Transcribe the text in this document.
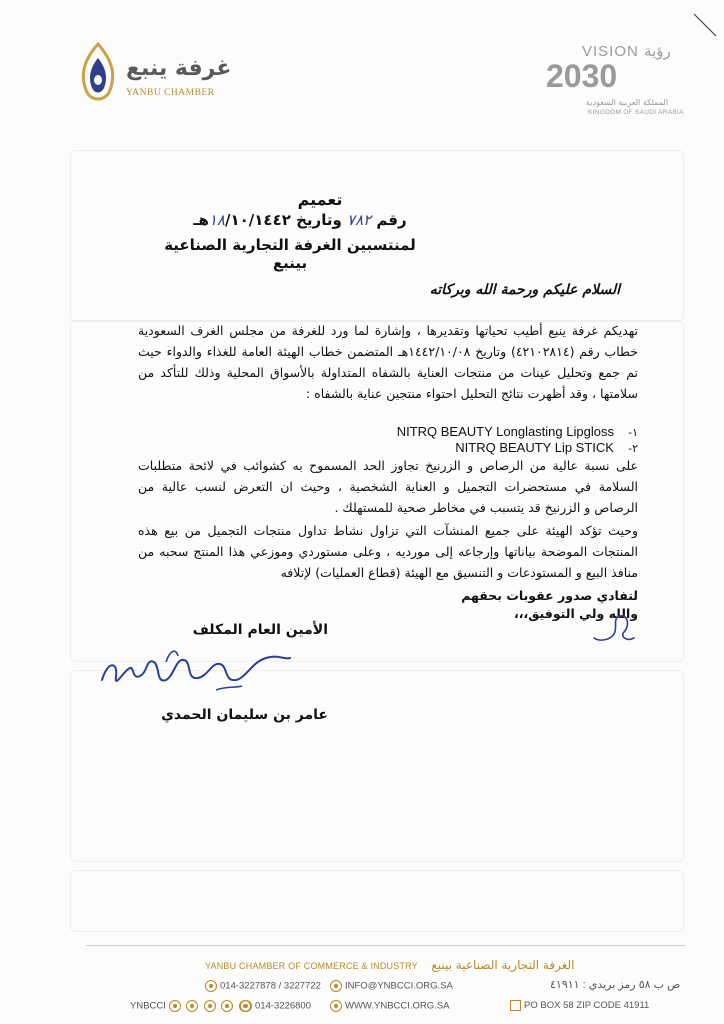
غرفة ينبع
YANBU CHAMBER
VISION رؤية
2030
المملكة العربية السعودية
KINGDOM OF SAUDI ARABIA
تعميم
رقم ٧٨٢ وتاريخ ١٨/١٠/١٤٤٢هـ
لمنتسبين الغرفة التجارية الصناعية بينبع
السلام عليكم ورحمة الله وبركاته
تهديكم غرفة ينبع أطيب تحياتها وتقديرها ، وإشارة لما ورد للغرفة من مجلس الغرف السعودية خطاب رقم (٤٢١٠٢٨١٤) وتاريخ ١٤٤٢/١٠/٠٨هـ المتضمن خطاب الهيئة العامة للغذاء والدواء حيث تم جمع وتحليل عينات من منتجات العناية بالشفاه المتداولة بالأسواق المحلية وذلك للتأكد من سلامتها ، وقد أظهرت نتائج التحليل احتواء منتجين عناية بالشفاه :
١- NITRQ BEAUTY Longlasting Lipgloss
٢- NITRQ BEAUTY Lip STICK
على نسبة عالية من الرصاص و الزرنيخ تجاوز الحد المسموح به كشوائب في لائحة متطلبات السلامة في مستحضرات التجميل و العناية الشخصية ، وحيث ان التعرض لنسب عالية من الرصاص و الزرنيخ قد يتسبب في مخاطر صحية للمستهلك .
وحيث تؤكد الهيئة على جميع المنشآت التي تزاول نشاط تداول منتجات التجميل من بيع هذه المنتجات الموضحة بياناتها وإرجاعه إلى مورديه ، وعلى مستوردي وموزعي هذا المنتج سحبه من منافذ البيع و المستودعات و التنسيق مع الهيئة (قطاع العمليات) لإتلافه
لتفادي صدور عقوبات بحقهم
والله ولي التوفيق،،،
الأمين العام المكلف
عامر بن سليمان الحمدي
YANBU CHAMBER OF COMMERCE & INDUSTRY الغرفة التجارية الصناعية بينبع
014-3227878 / 3227722	INFO@YNBCCI.ORG.SA	ص ب ٥٨ رمز بريدي : ٤١٩١١
YNBCCI	014-3226800	WWW.YNBCCI.ORG.SA	PO BOX 58 ZIP CODE 41911
